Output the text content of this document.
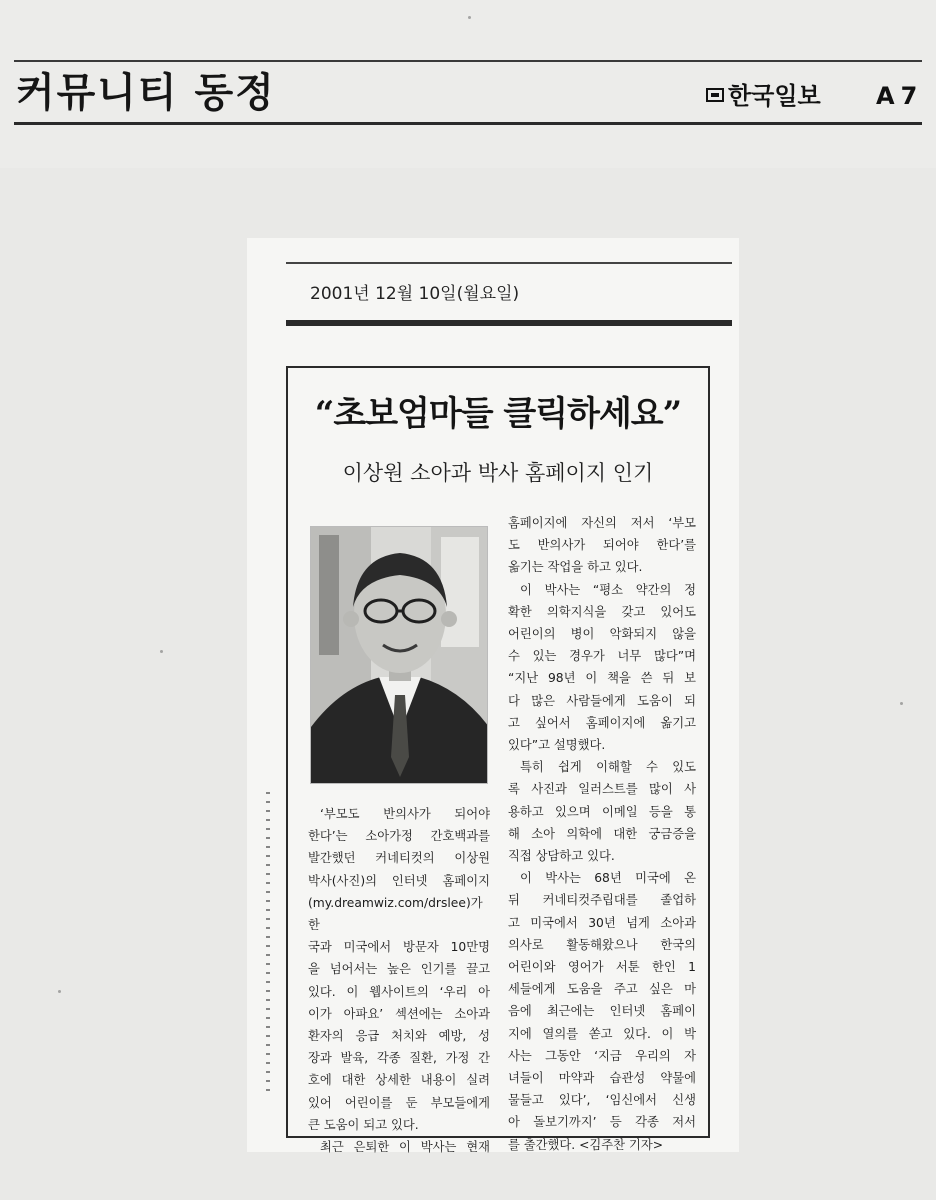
커뮤니티 동정	한국일보 A7
2001년 12월 10일(월요일)
“초보엄마들 클릭하세요”
이상원 소아과 박사 홈페이지 인기

‘부모도 반의사가 되어야

한다’는 소아가정 간호백과를

발간했던 커네티컷의 이상원

박사(사진)의 인터넷 홈페이지

(my.dreamwiz.com/drslee)가 한

국과 미국에서 방문자 10만명

을 넘어서는 높은 인기를 끌고

있다. 이 웹사이트의 ‘우리 아

이가 아파요’ 섹션에는 소아과

환자의 응급 처치와 예방, 성

장과 발육, 각종 질환, 가정 간

호에 대한 상세한 내용이 실려

있어 어린이를 둔 부모들에게

큰 도움이 되고 있다.

최근 은퇴한 이 박사는 현재

홈페이지에 자신의 저서 ‘부모

도 반의사가 되어야 한다’를

옮기는 작업을 하고 있다.

이 박사는 “평소 약간의 정

확한 의학지식을 갖고 있어도

어린이의 병이 악화되지 않을

수 있는 경우가 너무 많다”며

“지난 98년 이 책을 쓴 뒤 보

다 많은 사람들에게 도움이 되

고 싶어서 홈페이지에 옮기고

있다”고 설명했다.

특히 쉽게 이해할 수 있도

록 사진과 일러스트를 많이 사

용하고 있으며 이메일 등을 통

해 소아 의학에 대한 궁금증을

직접 상담하고 있다.

이 박사는 68년 미국에 온

뒤 커네티컷주립대를 졸업하

고 미국에서 30년 넘게 소아과

의사로 활동해왔으나 한국의

어린이와 영어가 서툰 한인 1

세들에게 도움을 주고 싶은 마

음에 최근에는 인터넷 홈페이

지에 열의를 쏟고 있다. 이 박

사는 그동안 ‘지금 우리의 자

녀들이 마약과 습관성 약물에

물들고 있다’, ‘임신에서 신생

아 돌보기까지’ 등 각종 저서

를 출간했다. <김주찬 기자>
